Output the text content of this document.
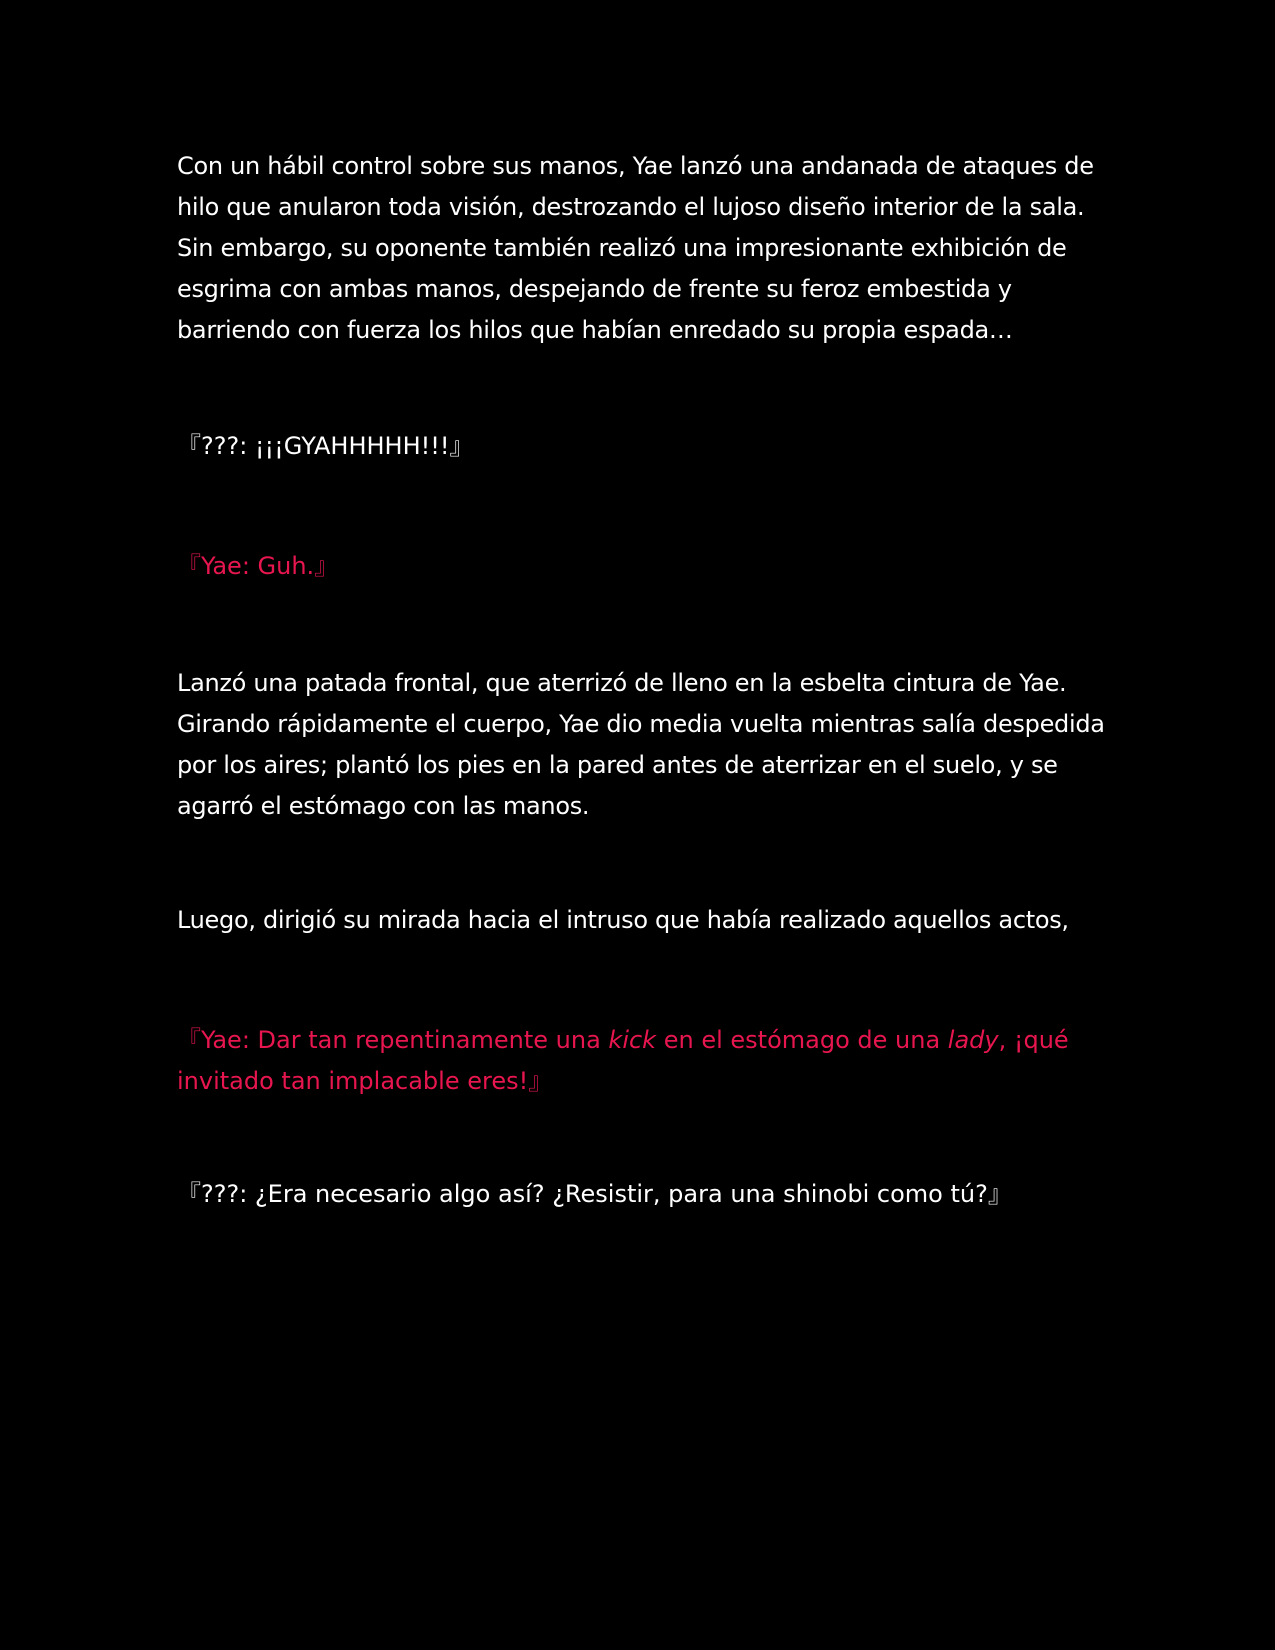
Con un hábil control sobre sus manos, Yae lanzó una andanada de ataques de hilo que anularon toda visión, destrozando el lujoso diseño interior de la sala. Sin embargo, su oponente también realizó una impresionante exhibición de esgrima con ambas manos, despejando de frente su feroz embestida y barriendo con fuerza los hilos que habían enredado su propia espada…

『???: ¡¡¡GYAHHHHH!!!』

『Yae: Guh.』

Lanzó una patada frontal, que aterrizó de lleno en la esbelta cintura de Yae. Girando rápidamente el cuerpo, Yae dio media vuelta mientras salía despedida por los aires; plantó los pies en la pared antes de aterrizar en el suelo, y se agarró el estómago con las manos.

Luego, dirigió su mirada hacia el intruso que había realizado aquellos actos,

『Yae: Dar tan repentinamente una kick en el estómago de una lady, ¡qué invitado tan implacable eres!』

『???: ¿Era necesario algo así? ¿Resistir, para una shinobi como tú?』
